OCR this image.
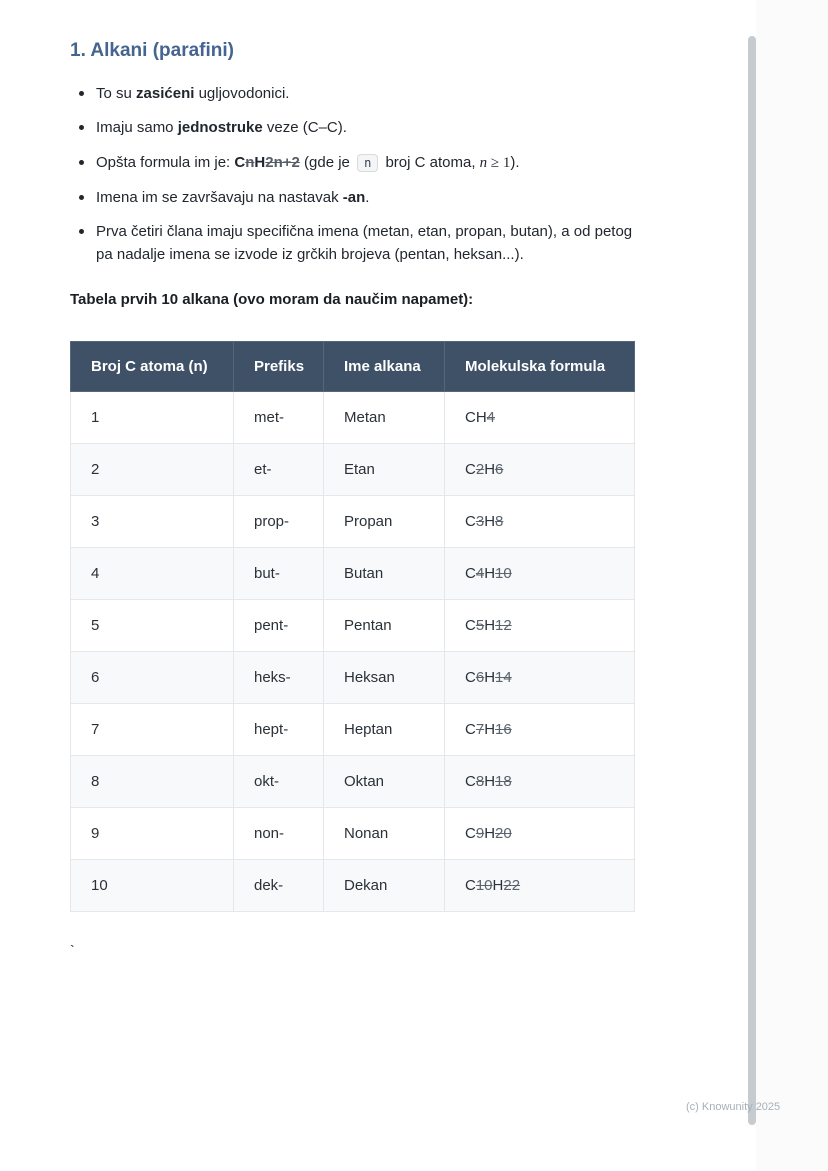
1. Alkani (parafini)
To su zasićeni ugljovodonici.
Imaju samo jednostruke veze (C–C).
Opšta formula im je: CnH2n+2 (gde je n broj C atoma, n ≥ 1).
Imena im se završavaju na nastavak -an.
Prva četiri člana imaju specifična imena (metan, etan, propan, butan), a od petog pa nadalje imena se izvode iz grčkih brojeva (pentan, heksan...).

Tabela prvih 10 alkana (ovo moram da naučim napamet):

Broj C atoma (n)	Prefiks	Ime alkana	Molekulska formula
1	met-	Metan	CH4
2	et-	Etan	C2H6
3	prop-	Propan	C3H8
4	but-	Butan	C4H10
5	pent-	Pentan	C5H12
6	heks-	Heksan	C6H14
7	hept-	Heptan	C7H16
8	okt-	Oktan	C8H18
9	non-	Nonan	C9H20
10	dek-	Dekan	C10H22
`
(c) Knowunity 2025
